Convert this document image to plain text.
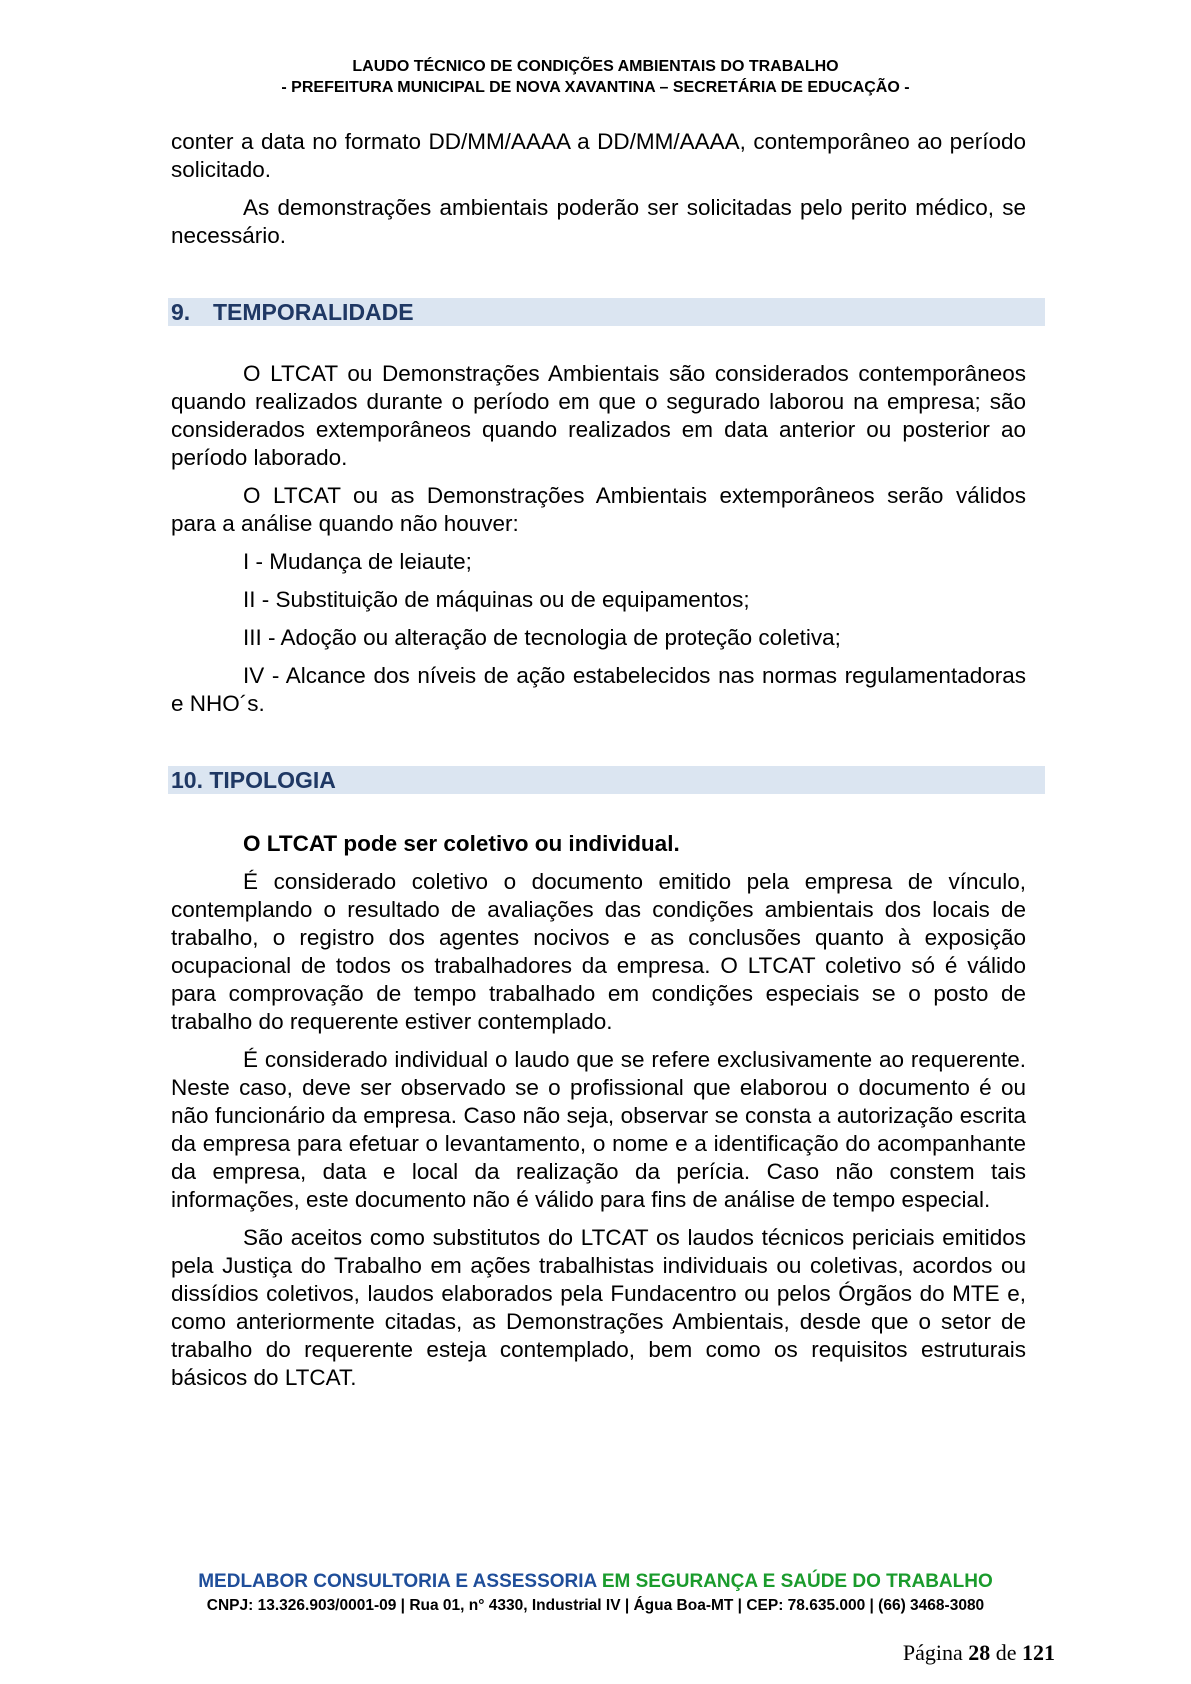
LAUDO TÉCNICO DE CONDIÇÕES AMBIENTAIS DO TRABALHO
- PREFEITURA MUNICIPAL DE NOVA XAVANTINA – SECRETÁRIA DE EDUCAÇÃO -

conter a data no formato DD/MM/AAAA a DD/MM/AAAA, contemporâneo ao período solicitado.

As demonstrações ambientais poderão ser solicitadas pelo perito médico, se necessário.

9. TEMPORALIDADE

O LTCAT ou Demonstrações Ambientais são considerados contemporâneos quando realizados durante o período em que o segurado laborou na empresa; são considerados extemporâneos quando realizados em data anterior ou posterior ao período laborado.

O LTCAT ou as Demonstrações Ambientais extemporâneos serão válidos para a análise quando não houver:

I - Mudança de leiaute;

II - Substituição de máquinas ou de equipamentos;

III - Adoção ou alteração de tecnologia de proteção coletiva;

IV - Alcance dos níveis de ação estabelecidos nas normas regulamentadoras e NHO´s.

10. TIPOLOGIA

O LTCAT pode ser coletivo ou individual.

É considerado coletivo o documento emitido pela empresa de vínculo, contemplando o resultado de avaliações das condições ambientais dos locais de trabalho, o registro dos agentes nocivos e as conclusões quanto à exposição ocupacional de todos os trabalhadores da empresa. O LTCAT coletivo só é válido para comprovação de tempo trabalhado em condições especiais se o posto de trabalho do requerente estiver contemplado.

É considerado individual o laudo que se refere exclusivamente ao requerente. Neste caso, deve ser observado se o profissional que elaborou o documento é ou não funcionário da empresa. Caso não seja, observar se consta a autorização escrita da empresa para efetuar o levantamento, o nome e a identificação do acompanhante da empresa, data e local da realização da perícia. Caso não constem tais informações, este documento não é válido para fins de análise de tempo especial.

São aceitos como substitutos do LTCAT os laudos técnicos periciais emitidos pela Justiça do Trabalho em ações trabalhistas individuais ou coletivas, acordos ou dissídios coletivos, laudos elaborados pela Fundacentro ou pelos Órgãos do MTE e, como anteriormente citadas, as Demonstrações Ambientais, desde que o setor de trabalho do requerente esteja contemplado, bem como os requisitos estruturais básicos do LTCAT.

MEDLABOR CONSULTORIA E ASSESSORIA EM SEGURANÇA E SAÚDE DO TRABALHO
CNPJ: 13.326.903/0001-09 | Rua 01, n° 4330, Industrial IV | Água Boa-MT | CEP: 78.635.000 | (66) 3468-3080
Página 28 de 121
